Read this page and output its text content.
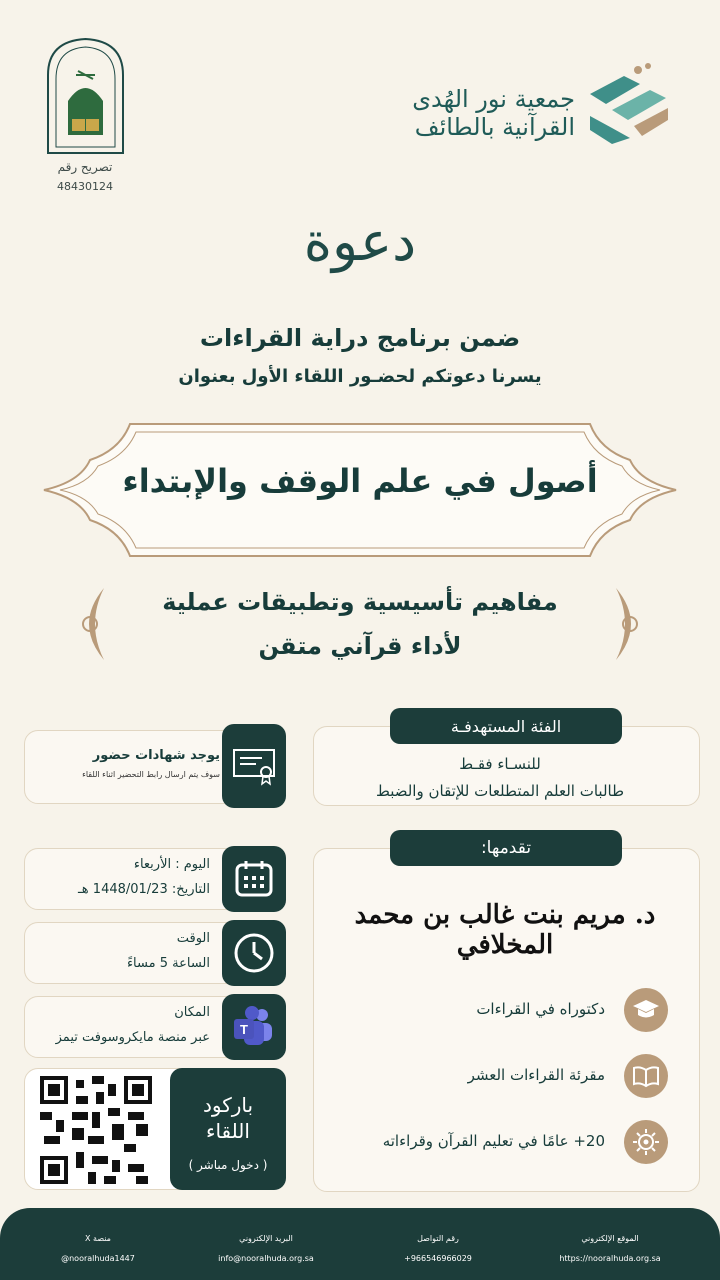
تصريح رقم
48430124
جمعية نور الهُدى
القرآنية بالطائف
دعوة
ضمن برنامج دراية القراءات
يسرنا دعوتكم لحضـور اللقاء الأول بعنوان
أصول في علم الوقف والإبتداء
مفاهيم تأسيسية وتطبيقات عملية
لأداء قرآني متقن
الفئة المستهدفـة
للنسـاء فقـط
طالبات العلم المتطلعات للإتقان والضبط
يوجد شهادات حضور
سوف يتم ارسال رابط التحضير اثناء اللقاء
اليوم : الأربعاء
التاريخ: 1448/01/23 هـ
الوقت
الساعة 5 مساءً
T
المكان
عبر منصة مايكروسوفت تيمز
باركود
اللقاء
( دخول مباشر )
تقدمها:
د. مريم بنت غالب بن محمد المخلافي
دكتوراه في القراءات
مقرئة القراءات العشر
20+ عامًا في تعليم القرآن وقراءاته
الموقع الإلكتروني
https://nooralhuda.org.sa
رقم التواصل
+966546966029
البريد الإلكتروني
info@nooralhuda.org.sa
منصة X
@nooralhuda1447
